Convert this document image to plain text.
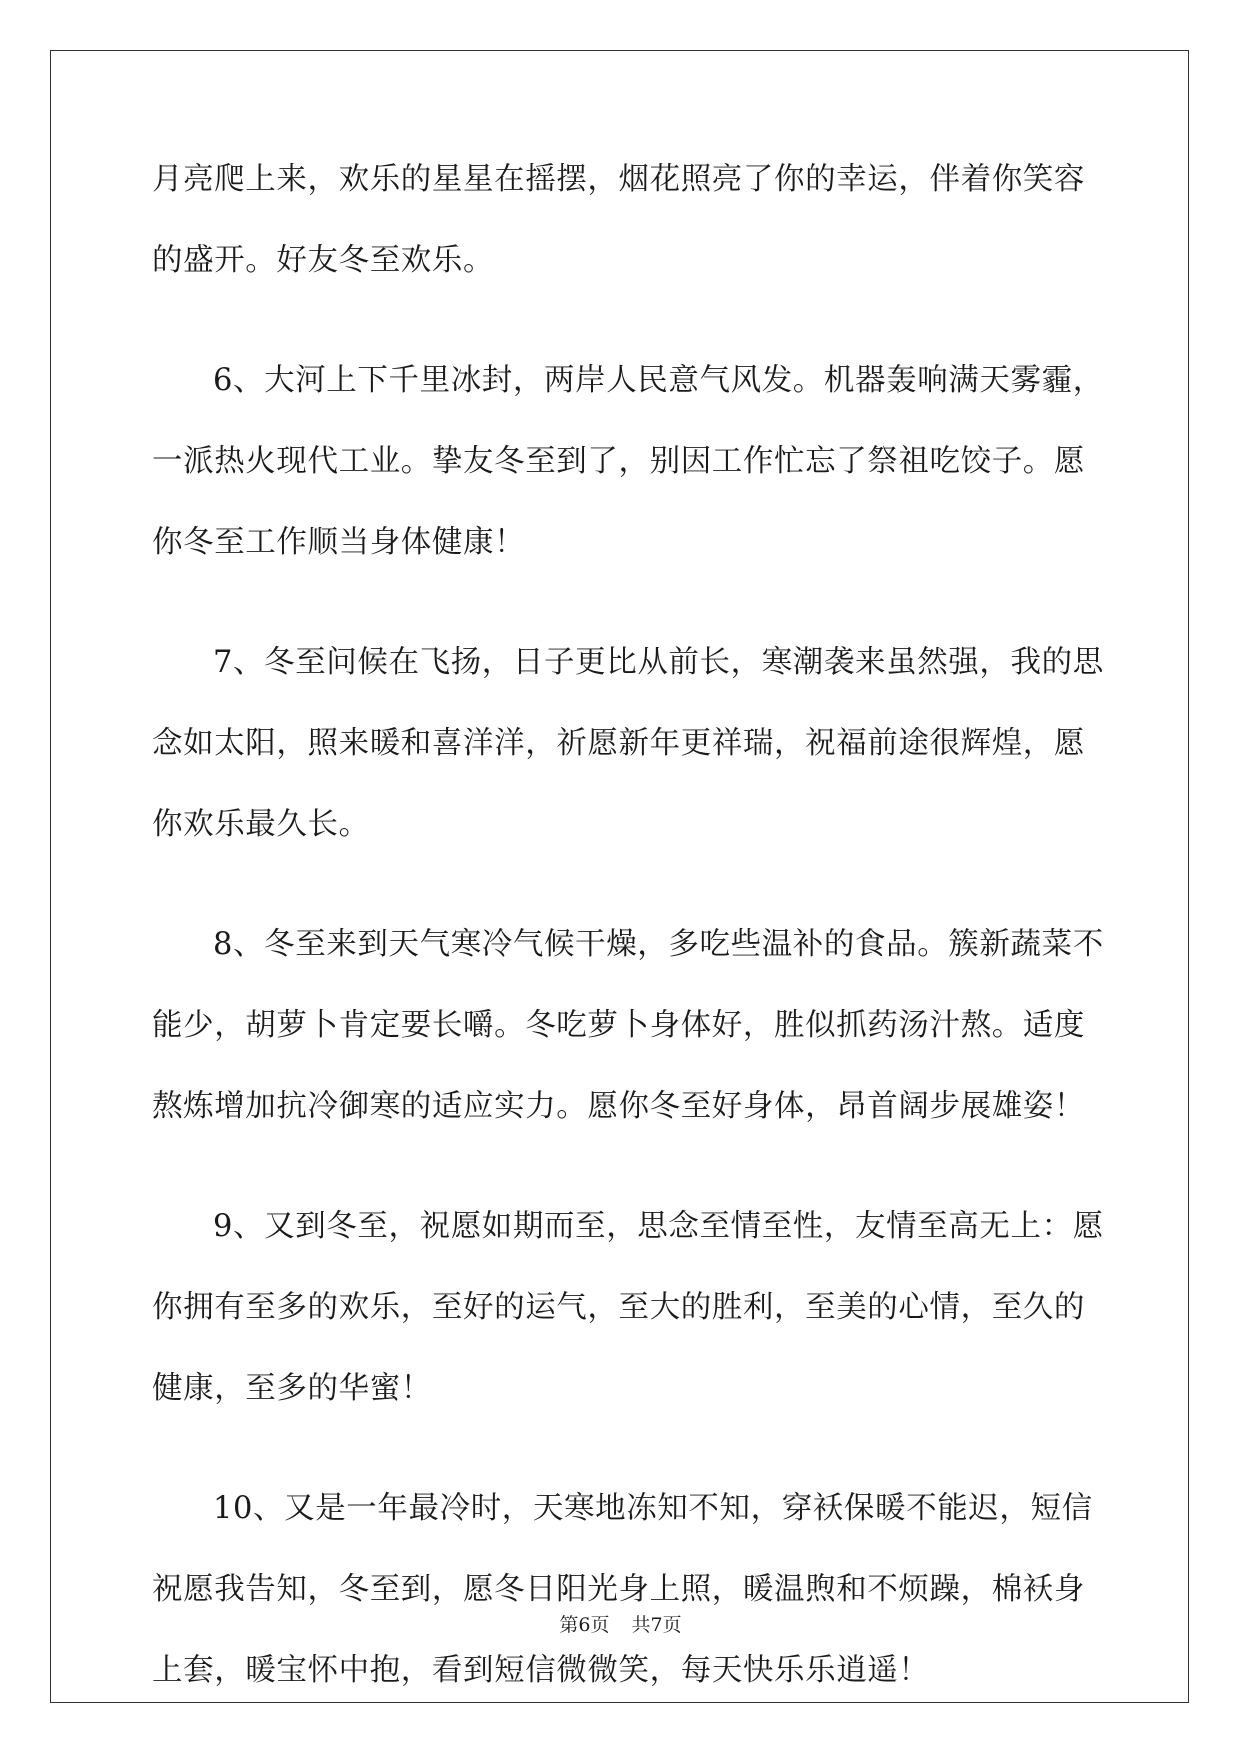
月亮爬上来，欢乐的星星在摇摆，烟花照亮了你的幸运，伴着你笑容
的盛开。好友冬至欢乐。
6、大河上下千里冰封，两岸人民意气风发。机器轰响满天雾霾，
一派热火现代工业。挚友冬至到了，别因工作忙忘了祭祖吃饺子。愿
你冬至工作顺当身体健康！
7、冬至问候在飞扬，日子更比从前长，寒潮袭来虽然强，我的思
念如太阳，照来暖和喜洋洋，祈愿新年更祥瑞，祝福前途很辉煌，愿
你欢乐最久长。
8、冬至来到天气寒冷气候干燥，多吃些温补的食品。簇新蔬菜不
能少，胡萝卜肯定要长嚼。冬吃萝卜身体好，胜似抓药汤汁熬。适度
熬炼增加抗冷御寒的适应实力。愿你冬至好身体，昂首阔步展雄姿！
9、又到冬至，祝愿如期而至，思念至情至性，友情至高无上：愿
你拥有至多的欢乐，至好的运气，至大的胜利，至美的心情，至久的
健康，至多的华蜜！
10、又是一年最冷时，天寒地冻知不知，穿袄保暖不能迟，短信
祝愿我告知，冬至到，愿冬日阳光身上照，暖温煦和不烦躁，棉袄身
上套，暖宝怀中抱，看到短信微微笑，每天快乐乐逍遥！
第6页 共7页
